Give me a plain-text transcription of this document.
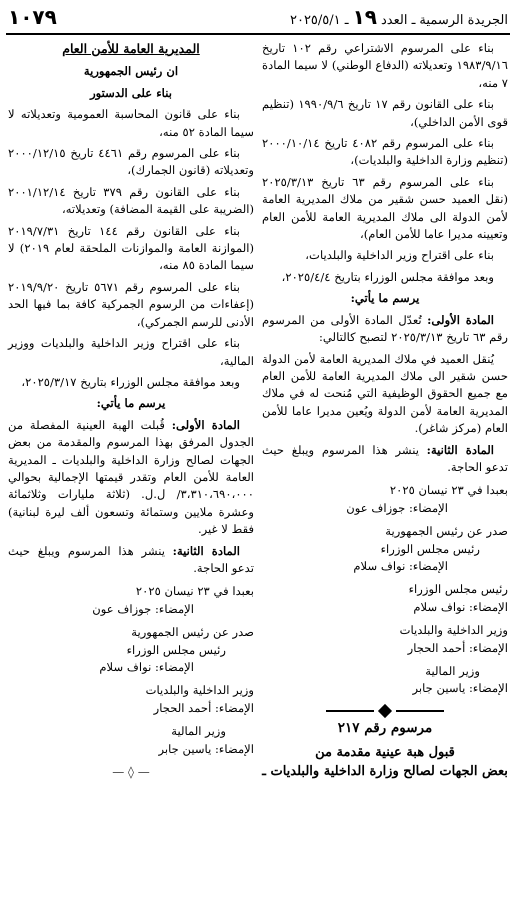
الجريدة الرسمية
ـ العدد
١٩
ـ ٢٠٢٥/٥/١
١٠٧٩

بناء على المرسوم الاشتراعي رقم ١٠٢ تاريخ ١٩٨٣/٩/١٦ وتعديلاته (الدفاع الوطني) لا سيما المادة ٧ منه،

بناء على القانون رقم ١٧ تاريخ ١٩٩٠/٩/٦ (تنظيم قوى الأمن الداخلي)،

بناء على المرسوم رقم ٤٠٨٢ تاريخ ٢٠٠٠/١٠/١٤ (تنظيم وزارة الداخلية والبلديات)،

بناء على المرسوم رقم ٦٣ تاريخ ٢٠٢٥/٣/١٣ (نقل العميد حسن شقير من ملاك المديرية العامة لأمن الدولة الى ملاك المديرية العامة للأمن العام وتعيينه مديرا عاما للأمن العام)،

بناء على اقتراح وزير الداخلية والبلديات،

وبعد موافقة مجلس الوزراء بتاريخ ٢٠٢٥/٤/٤،

يرسم ما يأتي:

المادة الأولى: تُعدّل المادة الأولى من المرسوم رقم ٦٣ تاريخ ٢٠٢٥/٣/١٣ لتصبح كالتالي:

يُنقل العميد في ملاك المديرية العامة لأمن الدولة حسن شقير الى ملاك المديرية العامة للأمن العام مع جميع الحقوق الوظيفية التي مُنحت له في ملاك المديرية العامة لأمن الدولة ويُعين مديرا عاما للأمن العام (مركز شاغر).

المادة الثانية: ينشر هذا المرسوم ويبلغ حيث تدعو الحاجة.

بعبدا في ٢٣ نيسان ٢٠٢٥
الإمضاء: جوزاف عون
صدر عن رئيس الجمهورية
رئيس مجلس الوزراء
الإمضاء: نواف سلام
رئيس مجلس الوزراء
الإمضاء: نواف سلام
وزير الداخلية والبلديات
الإمضاء: أحمد الحجار
وزير المالية
الإمضاء: ياسين جابر
مرسوم رقم ٢١٧
قبول هبة عينية مقدمة من
بعض الجهات لصالح وزارة الداخلية والبلديات ـ
المديرية العامة للأمن العام
ان رئيس الجمهورية
بناء على الدستور

بناء على قانون المحاسبة العمومية وتعديلاته لا سيما المادة ٥٢ منه،

بناء على المرسوم رقم ٤٤٦١ تاريخ ٢٠٠٠/١٢/١٥ وتعديلاته (قانون الجمارك)،

بناء على القانون رقم ٣٧٩ تاريخ ٢٠٠١/١٢/١٤ (الضريبة على القيمة المضافة) وتعديلاته،

بناء على القانون رقم ١٤٤ تاريخ ٢٠١٩/٧/٣١ (الموازنة العامة والموازنات الملحقة لعام ٢٠١٩) لا سيما المادة ٨٥ منه،

بناء على المرسوم رقم ٥٦٧١ تاريخ ٢٠١٩/٩/٢٠ (إعفاءات من الرسوم الجمركية كافة بما فيها الحد الأدنى للرسم الجمركي)،

بناء على اقتراح وزير الداخلية والبلديات ووزير المالية،

وبعد موافقة مجلس الوزراء بتاريخ ٢٠٢٥/٣/١٧،

يرسم ما يأتي:

المادة الأولى: قُبلت الهبة العينية المفصلة من الجدول المرفق بهذا المرسوم والمقدمة من بعض الجهات لصالح وزارة الداخلية والبلديات ـ المديرية العامة للأمن العام وتقدر قيمتها الإجمالية بحوالي ٣،٣١٠،٦٩٠،٠٠٠/ ل.ل. (ثلاثة مليارات وثلاثمائة وعشرة ملايين وستمائة وتسعون ألف ليرة لبنانية) فقط لا غير.

المادة الثانية: ينشر هذا المرسوم ويبلغ حيث تدعو الحاجة.

بعبدا في ٢٣ نيسان ٢٠٢٥
الإمضاء: جوزاف عون
صدر عن رئيس الجمهورية
رئيس مجلس الوزراء
الإمضاء: نواف سلام
وزير الداخلية والبلديات
الإمضاء: أحمد الحجار
وزير المالية
الإمضاء: ياسين جابر
— ◊ —
